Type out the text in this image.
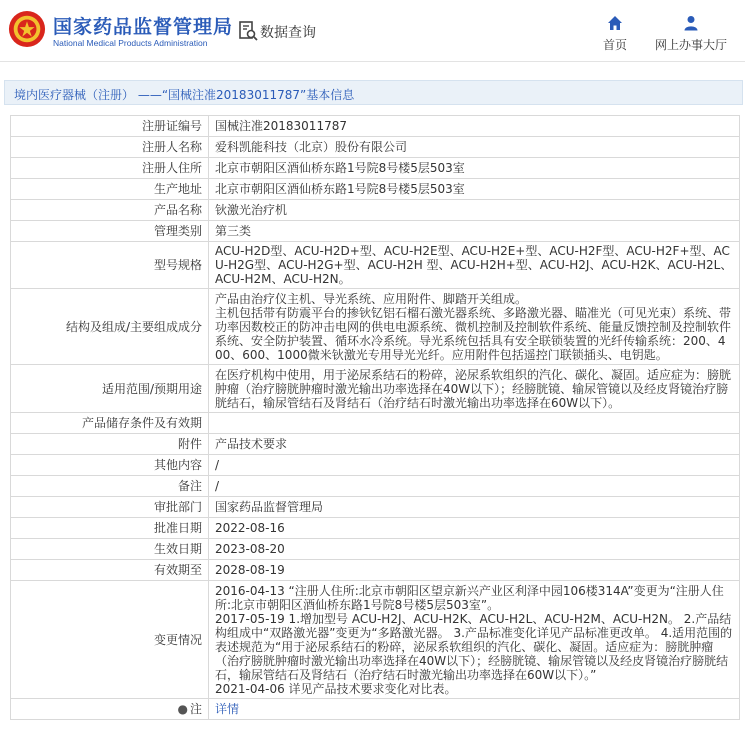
国家药品监督管理局
National Medical Products Administration
数据查询
首页	网上办事大厅
境内医疗器械（注册） ——“国械注准20183011787”基本信息
注册证编号	国械注准20183011787
注册人名称	爱科凯能科技（北京）股份有限公司
注册人住所	北京市朝阳区酒仙桥东路1号院8号楼5层503室
生产地址	北京市朝阳区酒仙桥东路1号院8号楼5层503室
产品名称	钬激光治疗机
管理类别	第三类
型号规格	ACU-H2D型、ACU-H2D+型、ACU-H2E型、ACU-H2E+型、ACU-H2F型、ACU-H2F+型、ACU-H2G型、ACU-H2G+型、ACU-H2H 型、ACU-H2H+型、ACU-H2J、ACU-H2K、ACU-H2L、ACU-H2M、ACU-H2N。
结构及组成/主要组成成分	产品由治疗仪主机、导光系统、应用附件、脚踏开关组成。
主机包括带有防震平台的掺钬钇铝石榴石激光器系统、多路激光器、瞄准光（可见光束）系统、带功率因数校正的防冲击电网的供电电源系统、微机控制及控制软件系统、能量反馈控制及控制软件系统、安全防护装置、循环水冷系统。导光系统包括具有安全联锁装置的光纤传输系统：200、400、600、1000微米钬激光专用导光光纤。应用附件包括遥控门联锁插头、电钥匙。
适用范围/预期用途	在医疗机构中使用，用于泌尿系结石的粉碎，泌尿系软组织的汽化、碳化、凝固。适应症为：膀胱肿瘤（治疗膀胱肿瘤时激光输出功率选择在40W以下）；经膀胱镜、输尿管镜以及经皮肾镜治疗膀胱结石，输尿管结石及肾结石（治疗结石时激光输出功率选择在60W以下）。
产品储存条件及有效期	
附件	产品技术要求
其他内容	/
备注	/
审批部门	国家药品监督管理局
批准日期	2022-08-16
生效日期	2023-08-20
有效期至	2028-08-19
变更情况	2016-04-13 “注册人住所:北京市朝阳区望京新兴产业区利泽中园106楼314A”变更为“注册人住所:北京市朝阳区酒仙桥东路1号院8号楼5层503室”。
2017-05-19 1.增加型号 ACU-H2J、ACU-H2K、ACU-H2L、ACU-H2M、ACU-H2N。 2.产品结构组成中“双路激光器”变更为“多路激光器。 3.产品标准变化详见产品标准更改单。 4.适用范围的表述规范为“用于泌尿系结石的粉碎，泌尿系软组织的汽化、碳化、凝固。适应症为：膀胱肿瘤（治疗膀胱肿瘤时激光输出功率选择在40W以下）；经膀胱镜、输尿管镜以及经皮肾镜治疗膀胱结石，输尿管结石及肾结石（治疗结石时激光输出功率选择在60W以下）。”
2021-04-06 详见产品技术要求变化对比表。
● 注	详情
